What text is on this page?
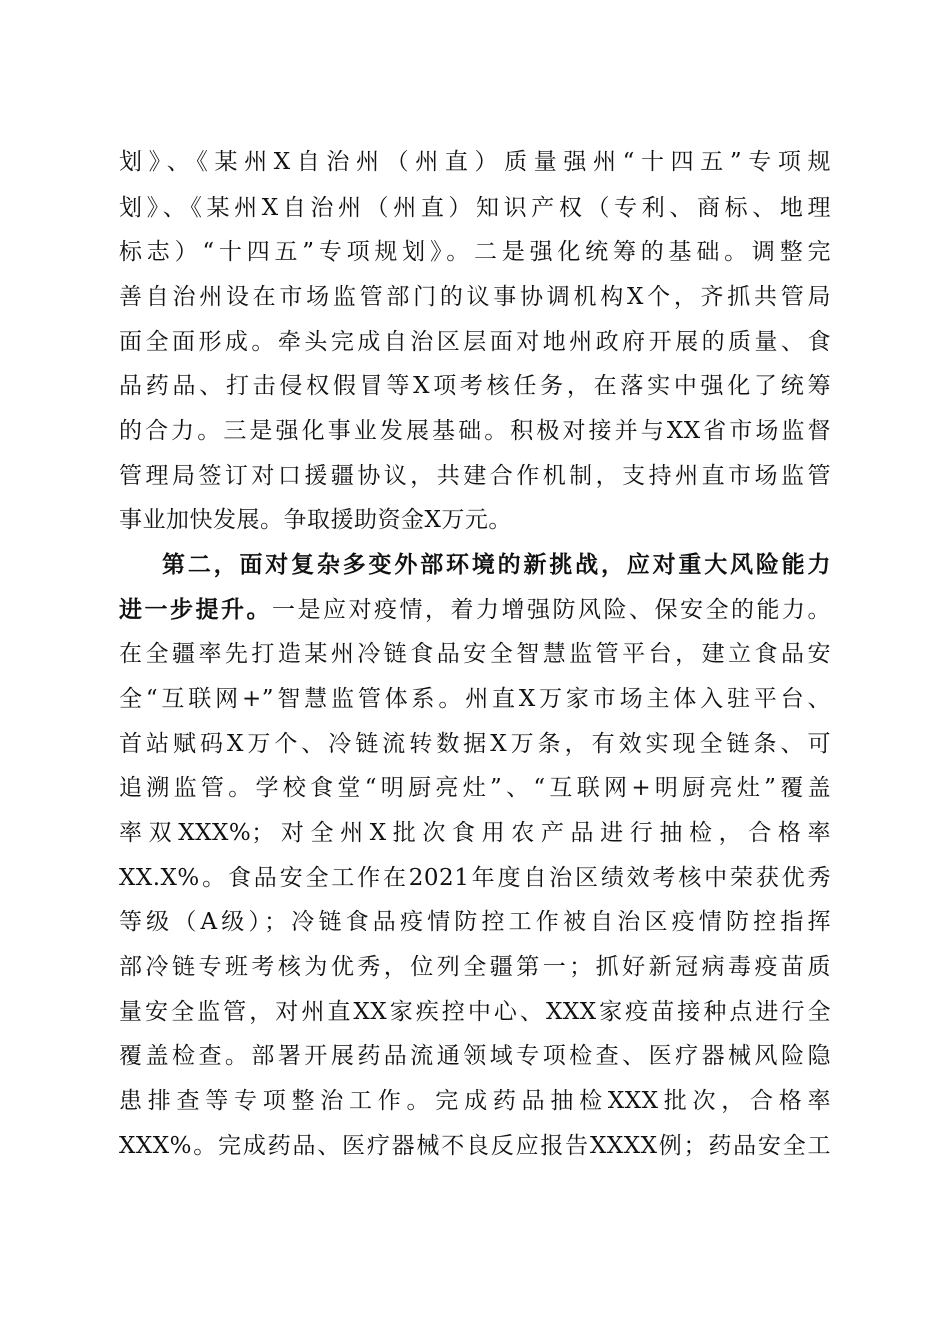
划》、《某州X自治州（州直）质量强州“十四五”专项规
划》、《某州X自治州（州直）知识产权（专利、商标、地理
标志）“十四五”专项规划》。二是强化统筹的基础。调整完
善自治州设在市场监管部门的议事协调机构X个，齐抓共管局
面全面形成。牵头完成自治区层面对地州政府开展的质量、食
品药品、打击侵权假冒等X项考核任务，在落实中强化了统筹
的合力。三是强化事业发展基础。积极对接并与XX省市场监督
管理局签订对口援疆协议，共建合作机制，支持州直市场监管
事业加快发展。争取援助资金X万元。
第二，面对复杂多变外部环境的新挑战，应对重大风险能力
进一步提升。一是应对疫情，着力增强防风险、保安全的能力。
在全疆率先打造某州冷链食品安全智慧监管平台，建立食品安
全“互联网+”智慧监管体系。州直X万家市场主体入驻平台、
首站赋码X万个、冷链流转数据X万条，有效实现全链条、可
追溯监管。学校食堂“明厨亮灶”、“互联网+明厨亮灶”覆盖
率双XXX%；对全州X批次食用农产品进行抽检，合格率
XX.X%。食品安全工作在2021年度自治区绩效考核中荣获优秀
等级（A级）；冷链食品疫情防控工作被自治区疫情防控指挥
部冷链专班考核为优秀，位列全疆第一；抓好新冠病毒疫苗质
量安全监管，对州直XX家疾控中心、XXX家疫苗接种点进行全
覆盖检查。部署开展药品流通领域专项检查、医疗器械风险隐
患排查等专项整治工作。完成药品抽检XXX批次，合格率
XXX%。完成药品、医疗器械不良反应报告XXXX例；药品安全工
